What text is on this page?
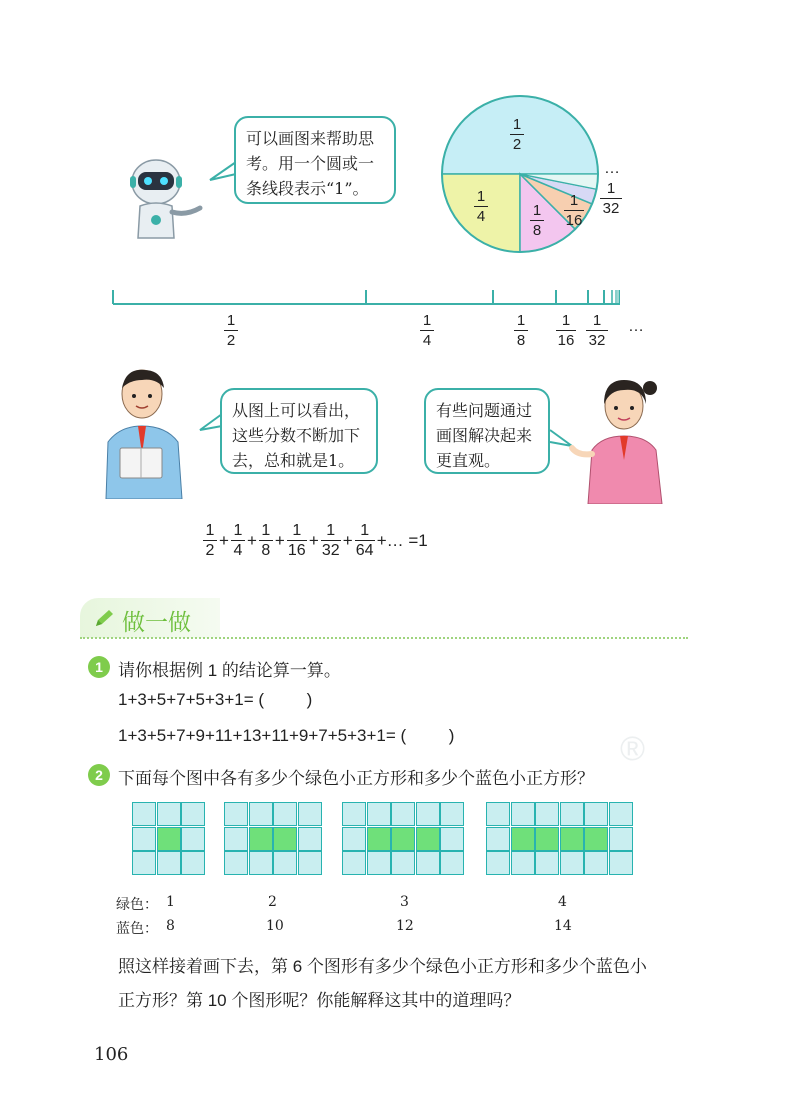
可以画图来帮助思考。用一个圆或一条线段表示“1”。
1
2
1
4	1
8
1
16
1
32
…
1
2
1
4
1
8
1
16
1
32
…
从图上可以看出，这些分数不断加下去，总和就是1。
有些问题通过画图解决起来更直观。
$\frac{1}{2} + \frac{1}{4} + \frac{1}{8} + \frac{1}{16} + \frac{1}{32} + \frac{1}{64}$ +… =1
做一做
1 请你根据例 1 的结论算一算。
1+3+5+7+5+3+1= (         )
1+3+5+7+9+11+13+11+9+7+5+3+1= (         )	®
2 下面每个图中各有多少个绿色小正方形和多少个蓝色小正方形？
绿色： 1	2	3	4
蓝色： 8	10	12	14
照这样接着画下去，第 6 个图形有多少个绿色小正方形和多少个蓝色小
正方形？第 10 个图形呢？你能解释这其中的道理吗？
106
